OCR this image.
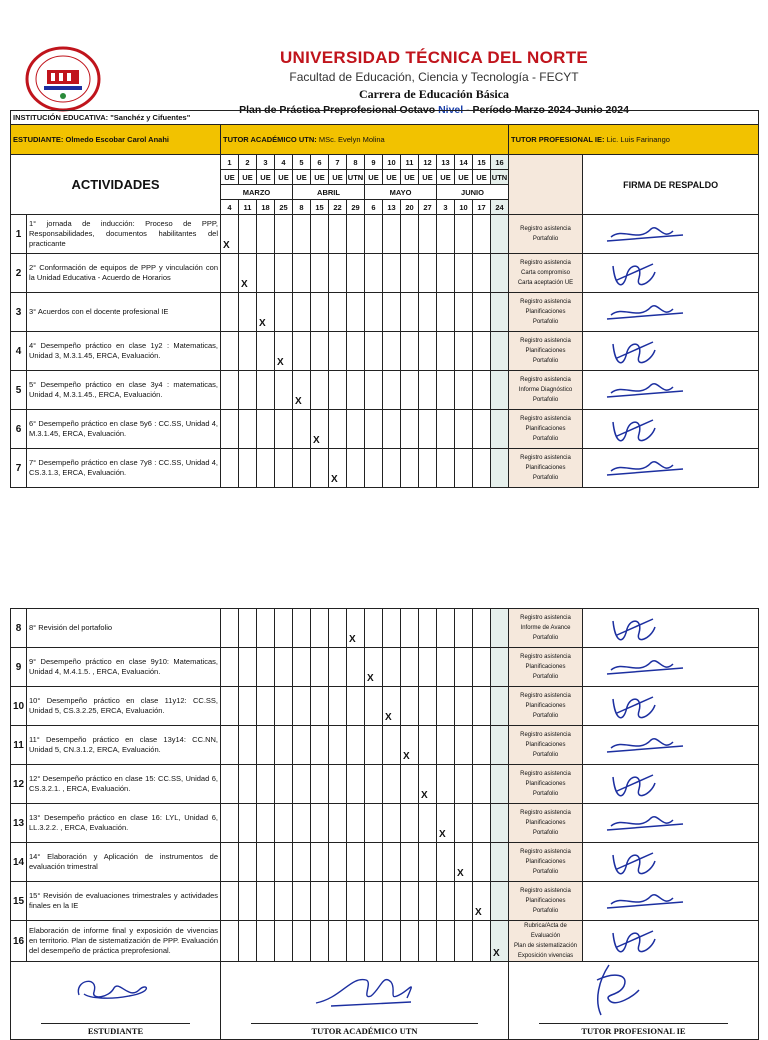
UNIVERSIDAD TÉCNICA DEL NORTE
Facultad de Educación, Ciencia y Tecnología - FECYT
Carrera de Educación Básica
Plan de Práctica Preprofesional Octavo Nivel - Período Marzo 2024-Junio 2024
INSTITUCIÓN EDUCATIVA: "Sanchéz y Cifuentes"																			
ESTUDIANTE: Olmedo Escobar Carol Anahi		TUTOR ACADÉMICO UTN: MSc. Evelyn Molina																TUTOR PROFESIONAL IE: Lic. Luis Farinango	
ACTIVIDADES		1	2	3	4	5	6	7	8	9	10	11	12	13	14	15	16		FIRMA DE RESPALDO
		UE	UE	UE	UE	UE	UE	UE	UTN	UE	UE	UE	UE	UE	UE	UE	UTN		
		MARZO				ABRIL				MAYO				JUNIO					
		4	11	18	25	8	15	22	29	6	13	20	27	3	10	17	24		
1	1° jornada de inducción: Proceso de PPP, Responsabilidades, documentos habilitantes del practicante	X																Registro asistencia
Portafolio

2	2° Conformación de equipos de PPP y vinculación con la Unidad Educativa - Acuerdo de Horarios		X															Registro asistencia
Carta compromiso
Carta aceptación UE

3	3° Acuerdos con el docente profesional IE			X														Registro asistencia
Planificaciones
Portafolio

4	4° Desempeño práctico en clase 1y2 : Matematicas, Unidad 3, M.3.1.45, ERCA, Evaluación.				X													Registro asistencia
Planificaciones
Portafolio

5	5° Desempeño práctico en clase 3y4 : matematicas, Unidad 4, M.3.1.45., ERCA, Evaluación.					X												Registro asistencia
Informe Diagnóstico
Portafolio

6	6° Desempeño práctico en clase 5y6 : CC.SS, Unidad 4, M.3.1.45, ERCA, Evaluación.						X											Registro asistencia
Planificaciones
Portafolio

7	7° Desempeño práctico en clase 7y8 : CC.SS, Unidad 4, CS.3.1.3, ERCA, Evaluación.							X										Registro asistencia
Planificaciones
Portafolio

8	8° Revisión del portafolio								X									Registro asistencia
Informe de Avance
Portafolio

9	9° Desempeño práctico en clase 9y10: Matematicas, Unidad 4, M.4.1.5. , ERCA, Evaluación.									X								Registro asistencia
Planificaciones
Portafolio

10	10° Desempeño práctico en clase 11y12: CC.SS, Unidad 5, CS.3.2.25, ERCA, Evaluación.										X							Registro asistencia
Planificaciones
Portafolio

11	11° Desempeño práctico en clase 13y14: CC.NN, Unidad 5, CN.3.1.2, ERCA, Evaluación.											X						Registro asistencia
Planificaciones
Portafolio

12	12° Desempeño práctico en clase 15: CC.SS, Unidad 6, CS.3.2.1. , ERCA, Evaluación.												X					Registro asistencia
Planificaciones
Portafolio

13	13° Desempeño práctico en clase 16: LYL, Unidad 6, LL.3.2.2. , ERCA, Evaluación.													X				Registro asistencia
Planificaciones
Portafolio

14	14° Elaboración y Aplicación de instrumentos de evaluación trimestral														X			Registro asistencia
Planificaciones
Portafolio

15	15° Revisión de evaluaciones trimestrales y actividades finales en la IE															X		Registro asistencia
Planificaciones
Portafolio

16	Elaboración de informe final y exposición de vivencias en territorio. Plan de sistematización de PPP. Evaluación del desempeño de práctica preprofesional.																X	Rubrica/Acta de Evaluación
Plan de sistematización
Exposición vivencias

ESTUDIANTE		TUTOR ACADÉMICO UTN																TUTOR PROFESIONAL IE	
